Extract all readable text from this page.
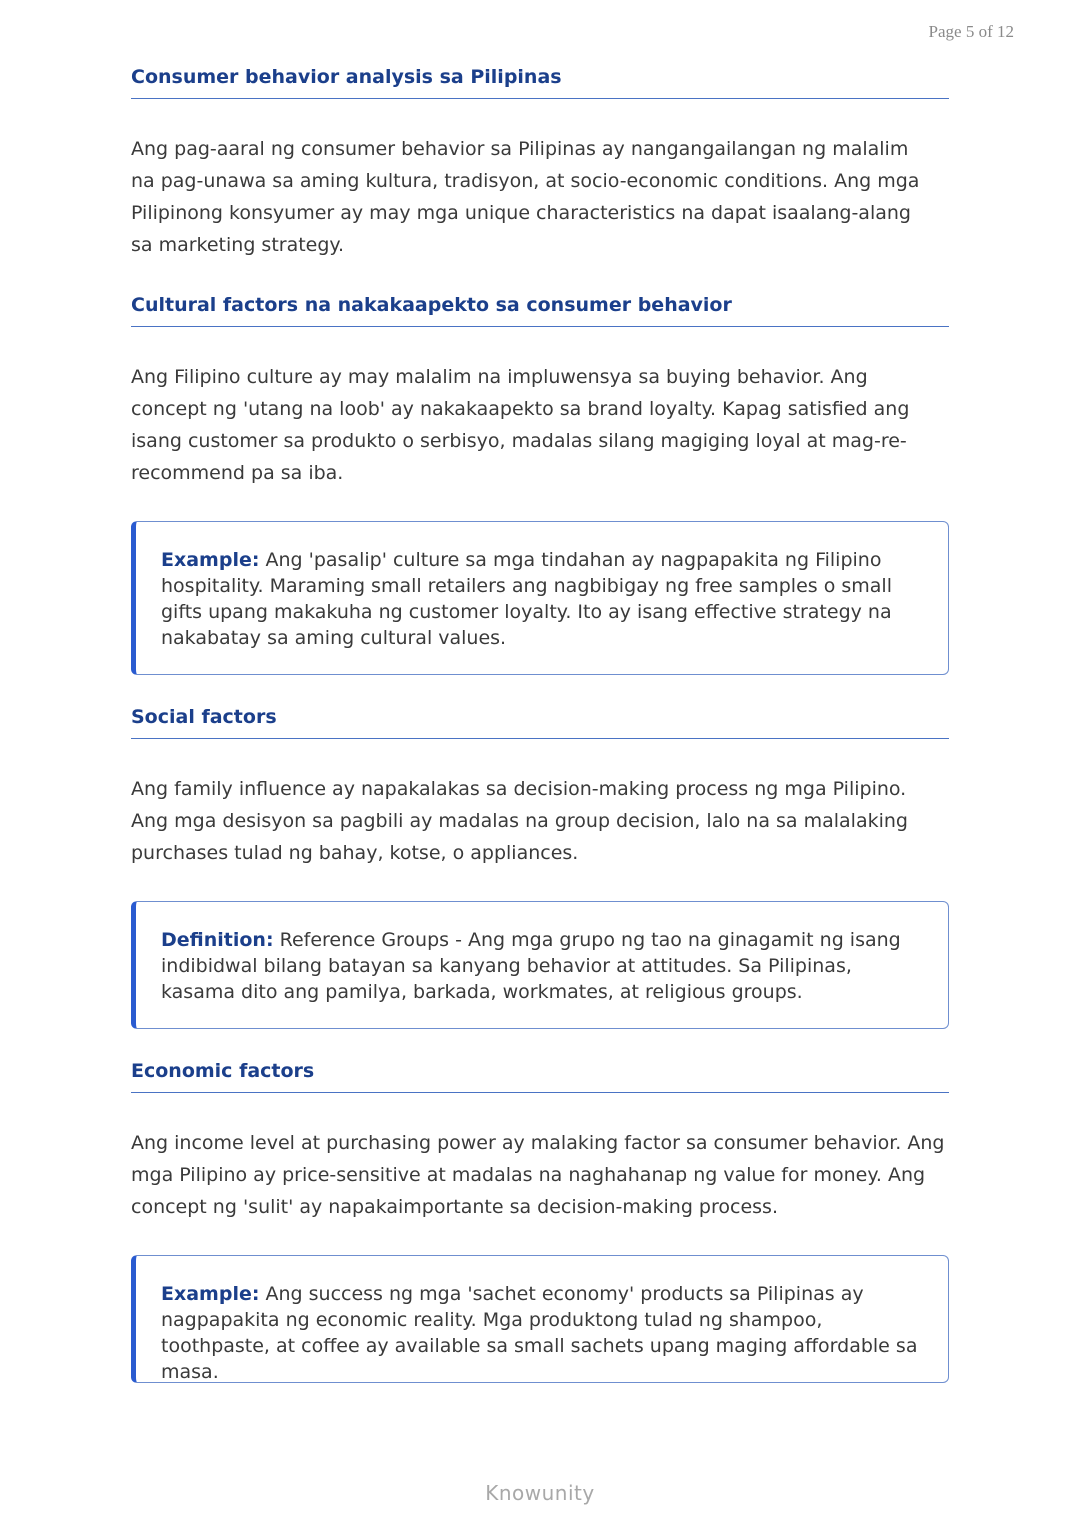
Page 5 of 12
Consumer behavior analysis sa Pilipinas

Ang pag-aaral ng consumer behavior sa Pilipinas ay nangangailangan ng malalim na pag-unawa sa aming kultura, tradisyon, at socio-economic conditions. Ang mga Pilipinong konsyumer ay may mga unique characteristics na dapat isaalang-alang sa marketing strategy.

Cultural factors na nakakaapekto sa consumer behavior

Ang Filipino culture ay may malalim na impluwensya sa buying behavior. Ang concept ng 'utang na loob' ay nakakaapekto sa brand loyalty. Kapag satisfied ang isang customer sa produkto o serbisyo, madalas silang magiging loyal at mag-re-recommend pa sa iba.

Example: Ang 'pasalip' culture sa mga tindahan ay nagpapakita ng Filipino hospitality. Maraming small retailers ang nagbibigay ng free samples o small gifts upang makakuha ng customer loyalty. Ito ay isang effective strategy na nakabatay sa aming cultural values.
Social factors

Ang family influence ay napakalakas sa decision-making process ng mga Pilipino. Ang mga desisyon sa pagbili ay madalas na group decision, lalo na sa malalaking purchases tulad ng bahay, kotse, o appliances.

Definition: Reference Groups - Ang mga grupo ng tao na ginagamit ng isang indibidwal bilang batayan sa kanyang behavior at attitudes. Sa Pilipinas, kasama dito ang pamilya, barkada, workmates, at religious groups.
Economic factors

Ang income level at purchasing power ay malaking factor sa consumer behavior. Ang mga Pilipino ay price-sensitive at madalas na naghahanap ng value for money. Ang concept ng 'sulit' ay napakaimportante sa decision-making process.

Example: Ang success ng mga 'sachet economy' products sa Pilipinas ay nagpapakita ng economic reality. Mga produktong tulad ng shampoo, toothpaste, at coffee ay available sa small sachets upang maging affordable sa masa.
Knowunity
